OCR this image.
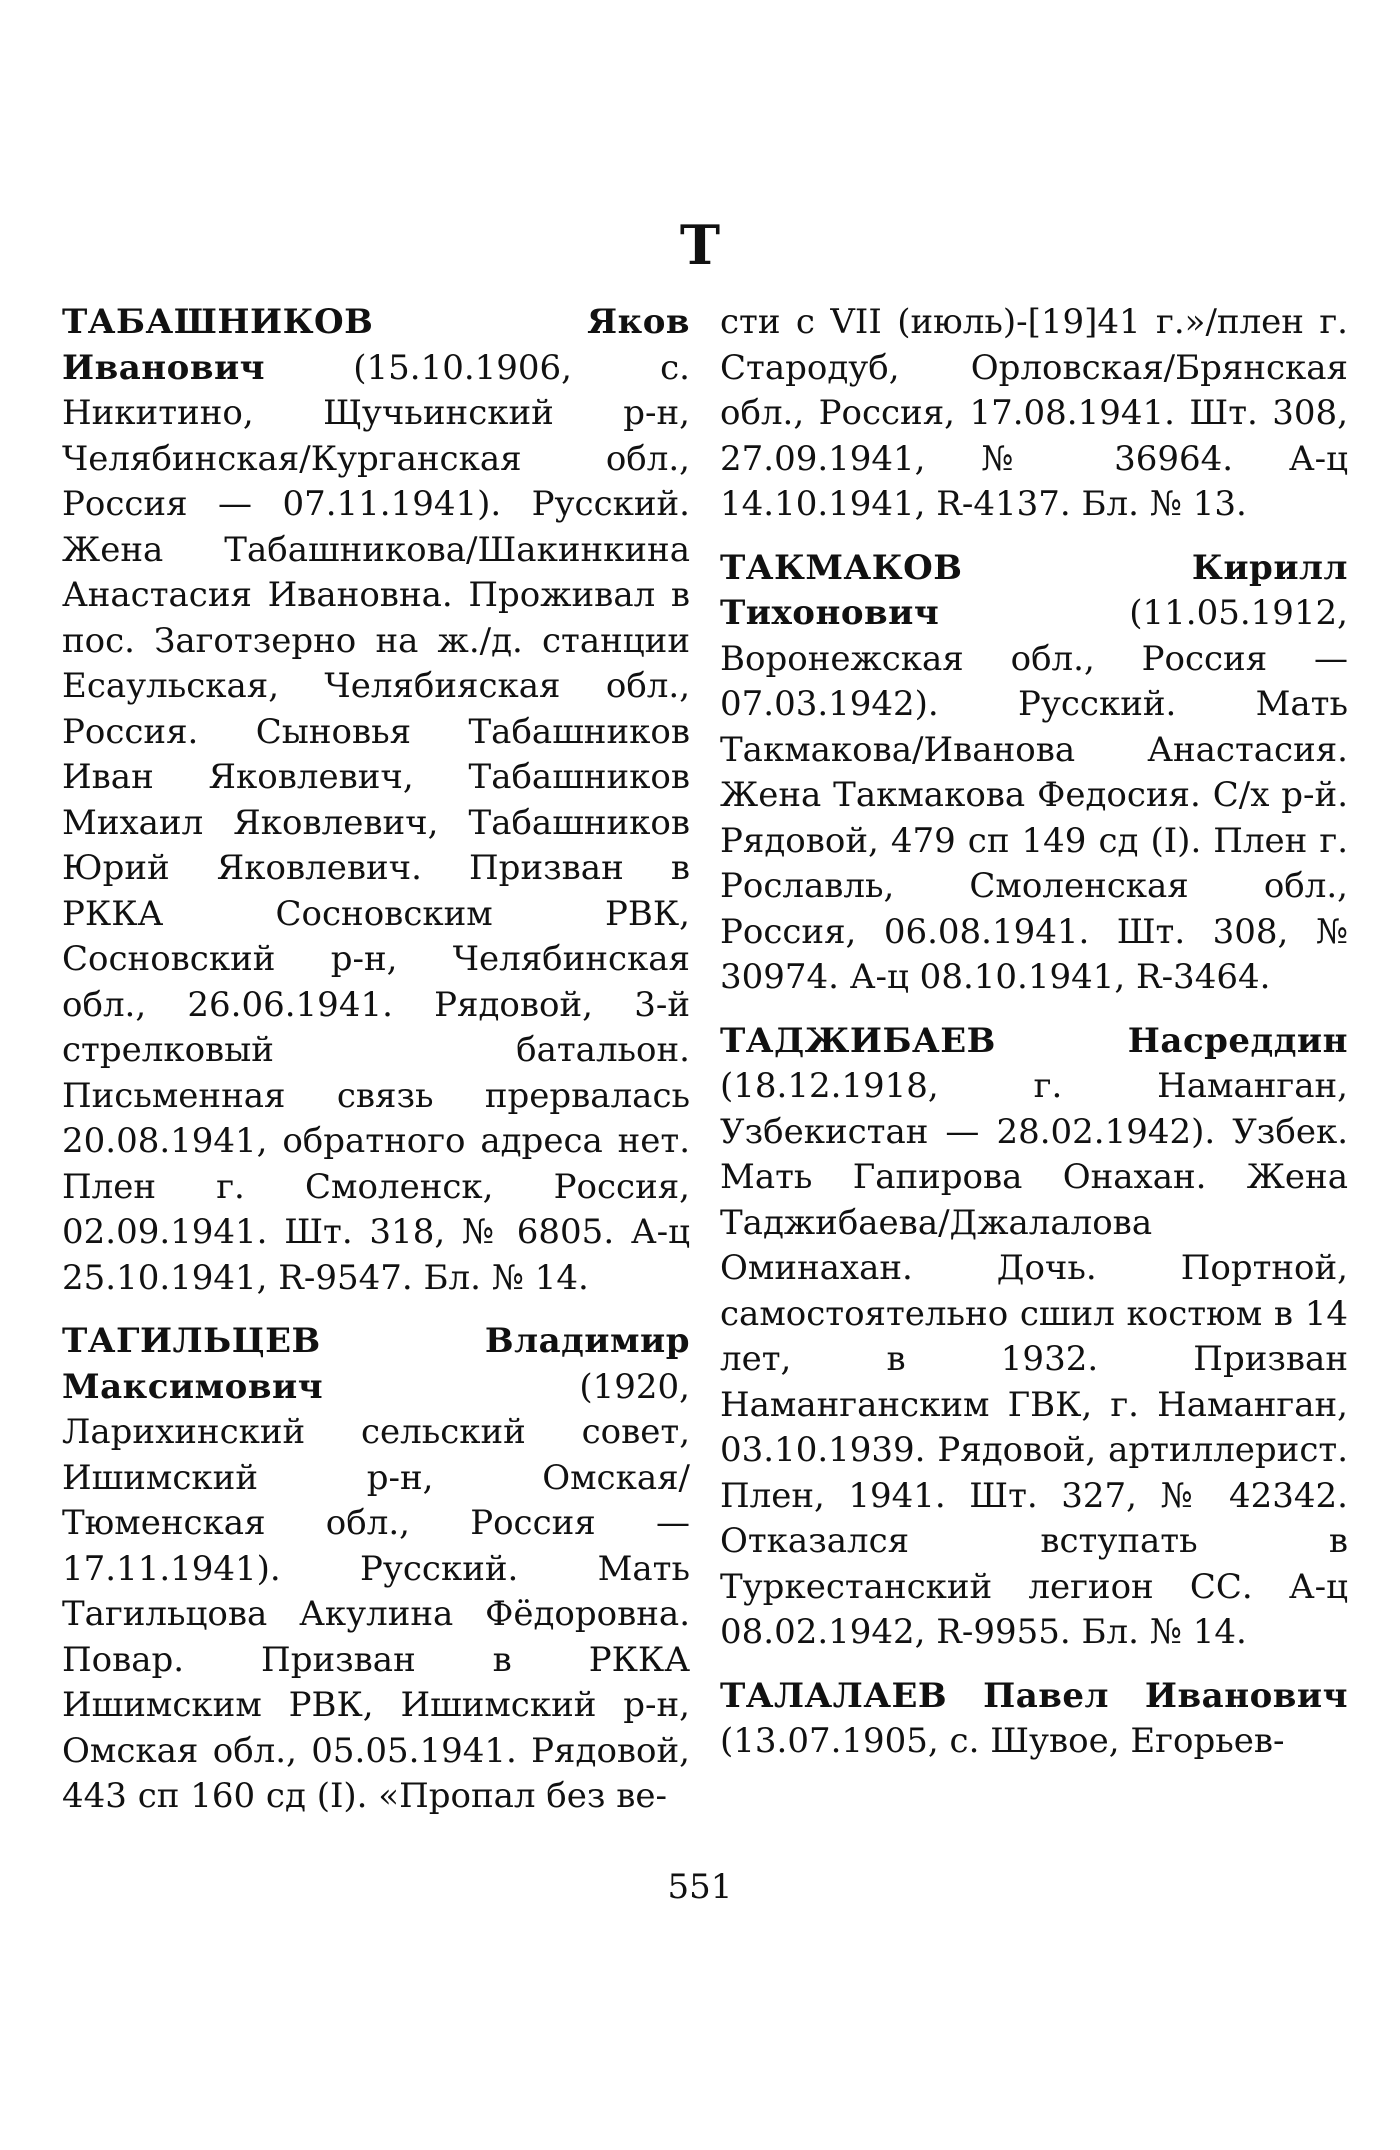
Т

ТАБАШНИКОВ Яков Иванович (15.10.1906, с. Никитино, Щучьинский р-н, Челябинская/Курганская обл., Россия — 07.11.1941). Русский. Жена Табашникова/Шакинкина Анастасия Ивановна. Проживал в пос. Заготзерно на ж./д. станции Есаульская, Челябияская обл., Россия. Сыновья Табашников Иван Яковлевич, Табашников Михаил Яковлевич, Табашников Юрий Яковлевич. Призван в РККА Сосновским РВК, Сосновский р-н, Челябинская обл., 26.06.1941. Рядовой, 3-й стрелковый батальон. Письменная связь прервалась 20.08.1941, обратного адреса нет. Плен г. Смоленск, Россия, 02.09.1941. Шт. 318, № 6805. А-ц 25.10.1941, R-9547. Бл. № 14.

ТАГИЛЬЦЕВ Владимир Максимович (1920, Ларихинский сельский совет, Ишимский р-н, Омская/Тюменская обл., Россия — 17.11.1941). Русский. Мать Тагильцова Акулина Фёдоровна. Повар. Призван в РККА Ишимским РВК, Ишимский р-н, Омская обл., 05.05.1941. Рядовой, 443 сп 160 сд (I). «Пропал без ве-

сти с VII (июль)-[19]41 г.»/плен г. Стародуб, Орловская/Брянская обл., Россия, 17.08.1941. Шт. 308, 27.09.1941, № 36964. А-ц 14.10.1941, R-4137. Бл. № 13.

ТАКМАКОВ Кирилл Тихонович (11.05.1912, Воронежская обл., Россия — 07.03.1942). Русский. Мать Такмакова/Иванова Анастасия. Жена Такмакова Федосия. С/х р-й. Рядовой, 479 сп 149 сд (I). Плен г. Рославль, Смоленская обл., Россия, 06.08.1941. Шт. 308, № 30974. А-ц 08.10.1941, R-3464.

ТАДЖИБАЕВ Насреддин (18.12.1918, г. Наманган, Узбекистан — 28.02.1942). Узбек. Мать Гапирова Онахан. Жена Таджибаева/Джалалова Оминахан. Дочь. Портной, самостоятельно сшил костюм в 14 лет, в 1932. Призван Наманганским ГВК, г. Наманган, 03.10.1939. Рядовой, артиллерист. Плен, 1941. Шт. 327, № 42342. Отказался вступать в Туркестанский легион СС. А-ц 08.02.1942, R-9955. Бл. № 14.

ТАЛАЛАЕВ Павел Иванович (13.07.1905, с. Шувое, Егорьев-

551
